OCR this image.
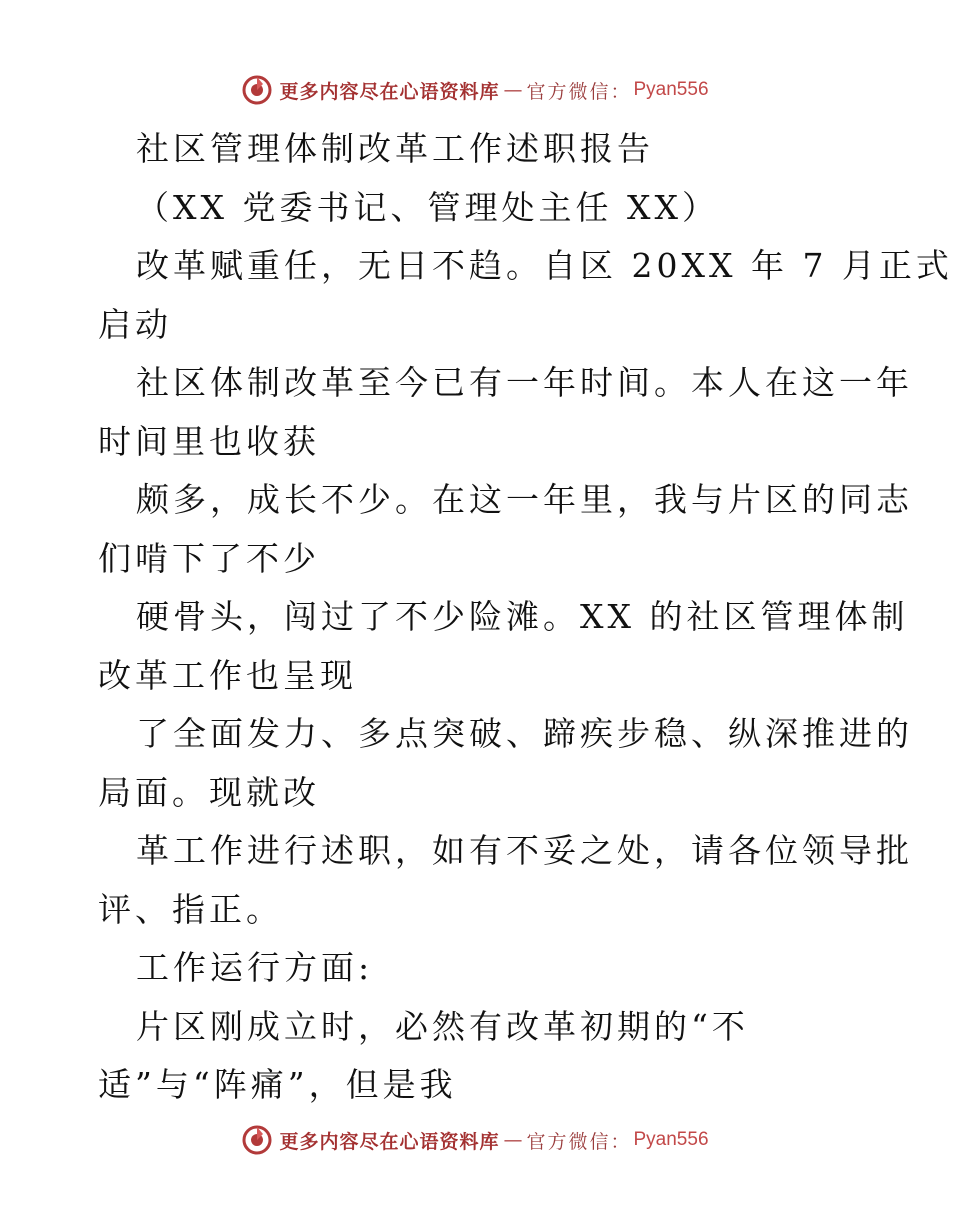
更多内容尽在心语资料库 — 官方微信： Pyan556
社区管理体制改革工作述职报告
（XX 党委书记、管理处主任 XX）
改革赋重任，无日不趋。自区 20XX 年 7 月正式
启动
社区体制改革至今已有一年时间。本人在这一年
时间里也收获
颇多，成长不少。在这一年里，我与片区的同志
们啃下了不少
硬骨头，闯过了不少险滩。XX 的社区管理体制
改革工作也呈现
了全面发力、多点突破、蹄疾步稳、纵深推进的
局面。现就改
革工作进行述职，如有不妥之处，请各位领导批
评、指正。
工作运行方面:
片区刚成立时，必然有改革初期的“不
适”与“阵痛”，但是我
更多内容尽在心语资料库 — 官方微信： Pyan556
